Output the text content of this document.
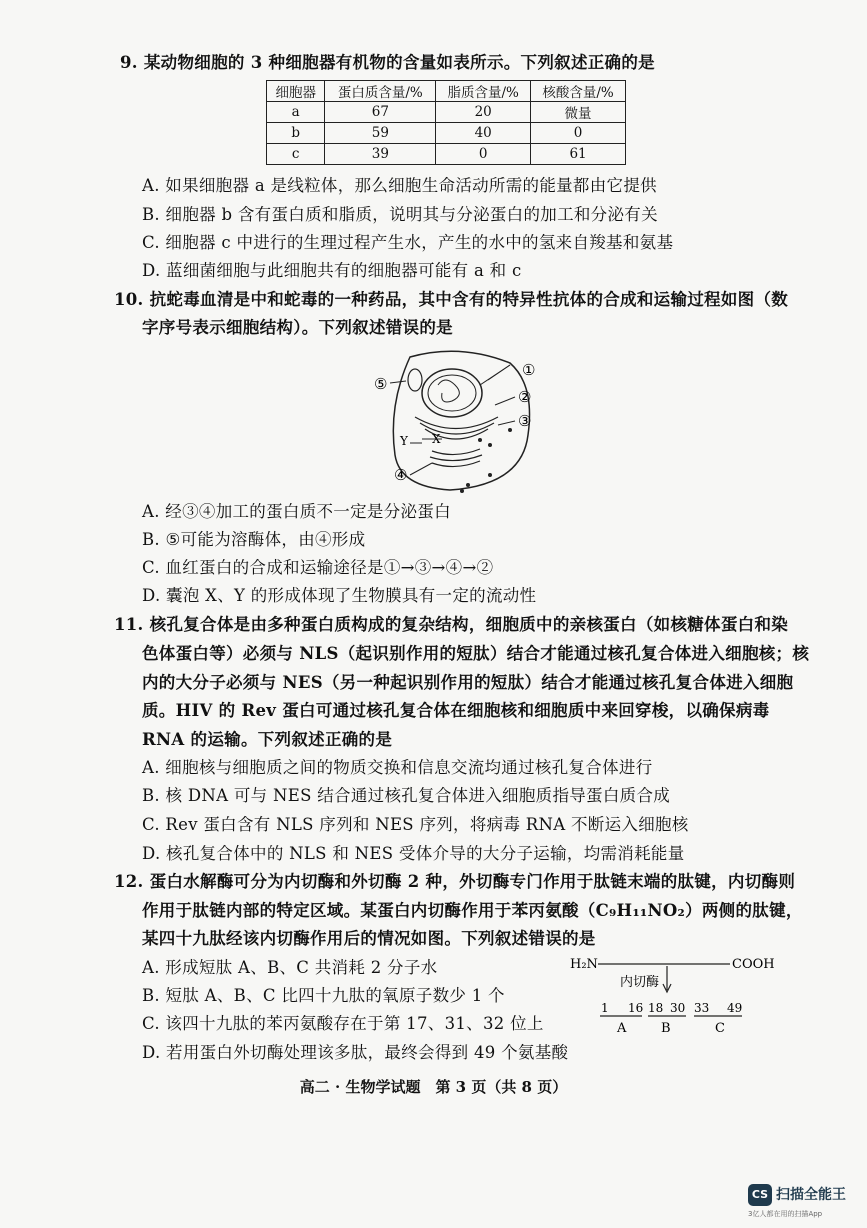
9. 某动物细胞的 3 种细胞器有机物的含量如表所示。下列叙述正确的是
细胞器	蛋白质含量/%	脂质含量/%	核酸含量/%
a	67	20	微量
b	59	40	0
c	39	0	61
A. 如果细胞器 a 是线粒体，那么细胞生命活动所需的能量都由它提供
B. 细胞器 b 含有蛋白质和脂质，说明其与分泌蛋白的加工和分泌有关
C. 细胞器 c 中进行的生理过程产生水，产生的水中的氢来自羧基和氨基
D. 蓝细菌细胞与此细胞共有的细胞器可能有 a 和 c
10. 抗蛇毒血清是中和蛇毒的一种药品，其中含有的特异性抗体的合成和运输过程如图（数
字序号表示细胞结构）。下列叙述错误的是
①
②
③
④
⑤
X
Y
A. 经③④加工的蛋白质不一定是分泌蛋白
B. ⑤可能为溶酶体，由④形成
C. 血红蛋白的合成和运输途径是①→③→④→②
D. 囊泡 X、Y 的形成体现了生物膜具有一定的流动性
11. 核孔复合体是由多种蛋白质构成的复杂结构，细胞质中的亲核蛋白（如核糖体蛋白和染
色体蛋白等）必须与 NLS（起识别作用的短肽）结合才能通过核孔复合体进入细胞核；核
内的大分子必须与 NES（另一种起识别作用的短肽）结合才能通过核孔复合体进入细胞
质。HIV 的 Rev 蛋白可通过核孔复合体在细胞核和细胞质中来回穿梭，以确保病毒
RNA 的运输。下列叙述正确的是
A. 细胞核与细胞质之间的物质交换和信息交流均通过核孔复合体进行
B. 核 DNA 可与 NES 结合通过核孔复合体进入细胞质指导蛋白质合成
C. Rev 蛋白含有 NLS 序列和 NES 序列，将病毒 RNA 不断运入细胞核
D. 核孔复合体中的 NLS 和 NES 受体介导的大分子运输，均需消耗能量
12. 蛋白水解酶可分为内切酶和外切酶 2 种，外切酶专门作用于肽链末端的肽键，内切酶则
作用于肽链内部的特定区域。某蛋白内切酶作用于苯丙氨酸（C₉H₁₁NO₂）两侧的肽键，
某四十九肽经该内切酶作用后的情况如图。下列叙述错误的是
A. 形成短肽 A、B、C 共消耗 2 分子水
B. 短肽 A、B、C 比四十九肽的氧原子数少 1 个
C. 该四十九肽的苯丙氨酸存在于第 17、31、32 位上
D. 若用蛋白外切酶处理该多肽，最终会得到 49 个氨基酸
H₂N	COOH
内切酶
1 16 18 30 33 49
A	B	C
高二 · 生物学试题　第 3 页（共 8 页）
CS 扫描全能王
3亿人都在用的扫描App
